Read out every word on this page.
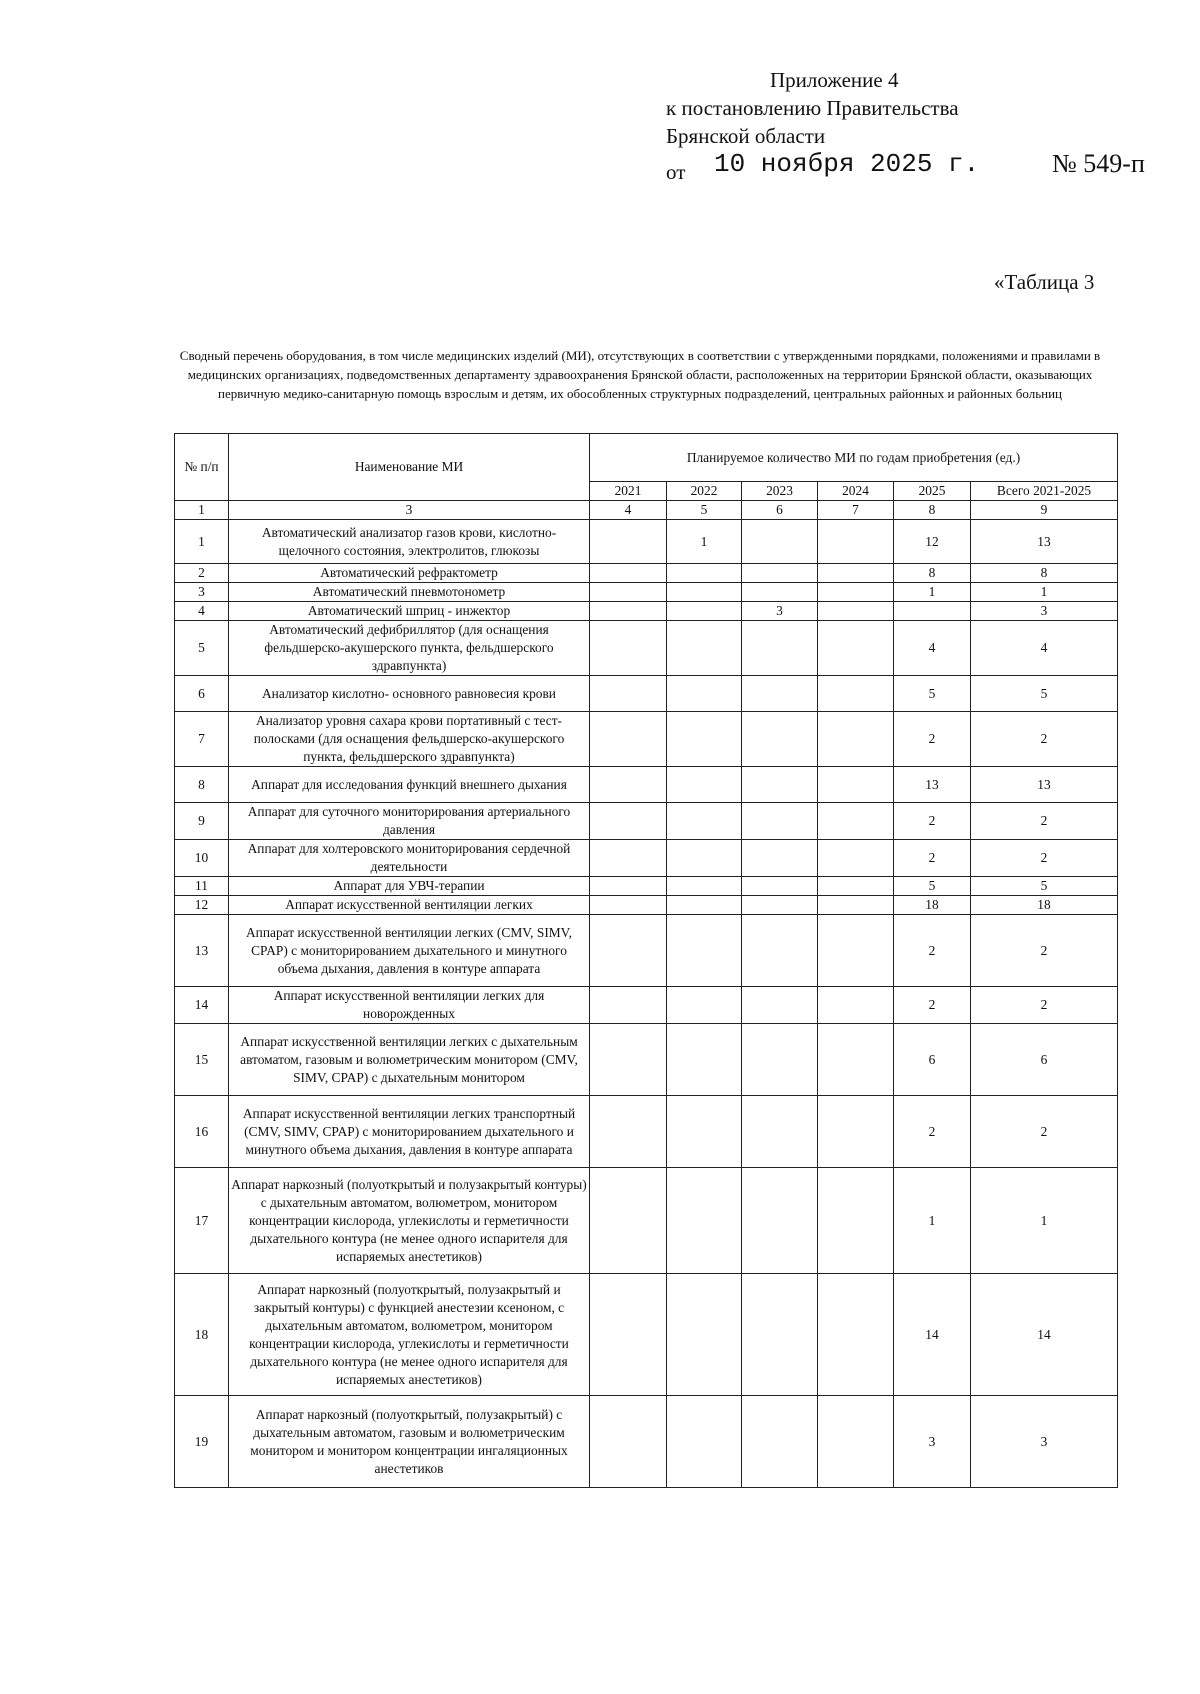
Приложение 4
к постановлению Правительства
Брянской области
от 10 ноября 2025 г.	№ 549-п
«Таблица 3
Сводный перечень оборудования, в том числе медицинских изделий (МИ), отсутствующих в соответствии с утвержденными порядками, положениями и правилами в медицинских организациях, подведомственных департаменту здравоохранения Брянской области, расположенных на территории Брянской области, оказывающих первичную медико-санитарную помощь взрослым и детям, их обособленных структурных подразделений, центральных районных и районных больниц
№ п/п	Наименование МИ	Планируемое количество МИ по годам приобретения (ед.)					
		2021	2022	2023	2024	2025	Всего 2021-2025
1	3	4	5	6	7	8	9
1	Автоматический анализатор газов крови, кислотно-щелочного состояния, электролитов, глюкозы		1			12	13
2	Автоматический рефрактометр					8	8
3	Автоматический пневмотонометр					1	1
4	Автоматический шприц - инжектор			3			3
5	Автоматический дефибриллятор (для оснащения фельдшерско-акушерского пункта, фельдшерского здравпункта)					4	4
6	Анализатор кислотно- основного равновесия крови					5	5
7	Анализатор уровня сахара крови портативный с тест-полосками (для оснащения фельдшерско-акушерского пункта, фельдшерского здравпункта)					2	2
8	Аппарат для исследования функций внешнего дыхания					13	13
9	Аппарат для суточного мониторирования артериального давления					2	2
10	Аппарат для холтеровского мониторирования сердечной деятельности					2	2
11	Аппарат для УВЧ-терапии					5	5
12	Аппарат искусственной вентиляции легких					18	18
13	Аппарат искусственной вентиляции легких (CMV, SIMV, CPAP) с мониторированием дыхательного и минутного объема дыхания, давления в контуре аппарата					2	2
14	Аппарат искусственной вентиляции легких для новорожденных					2	2
15	Аппарат искусственной вентиляции легких с дыхательным автоматом, газовым и волюметрическим монитором (CMV, SIMV, CPAP) с дыхательным монитором					6	6
16	Аппарат искусственной вентиляции легких транспортный (CMV, SIMV, CPAP) с мониторированием дыхательного и минутного объема дыхания, давления в контуре аппарата					2	2
17	Аппарат наркозный (полуоткрытый и полузакрытый контуры) с дыхательным автоматом, волюметром, монитором концентрации кислорода, углекислоты и герметичности дыхательного контура (не менее одного испарителя для испаряемых анестетиков)					1	1
18	Аппарат наркозный (полуоткрытый, полузакрытый и закрытый контуры) с функцией анестезии ксеноном, с дыхательным автоматом, волюметром, монитором концентрации кислорода, углекислоты и герметичности дыхательного контура (не менее одного испарителя для испаряемых анестетиков)					14	14
19	Аппарат наркозный (полуоткрытый, полузакрытый) с дыхательным автоматом, газовым и волюметрическим монитором и монитором концентрации ингаляционных анестетиков					3	3
